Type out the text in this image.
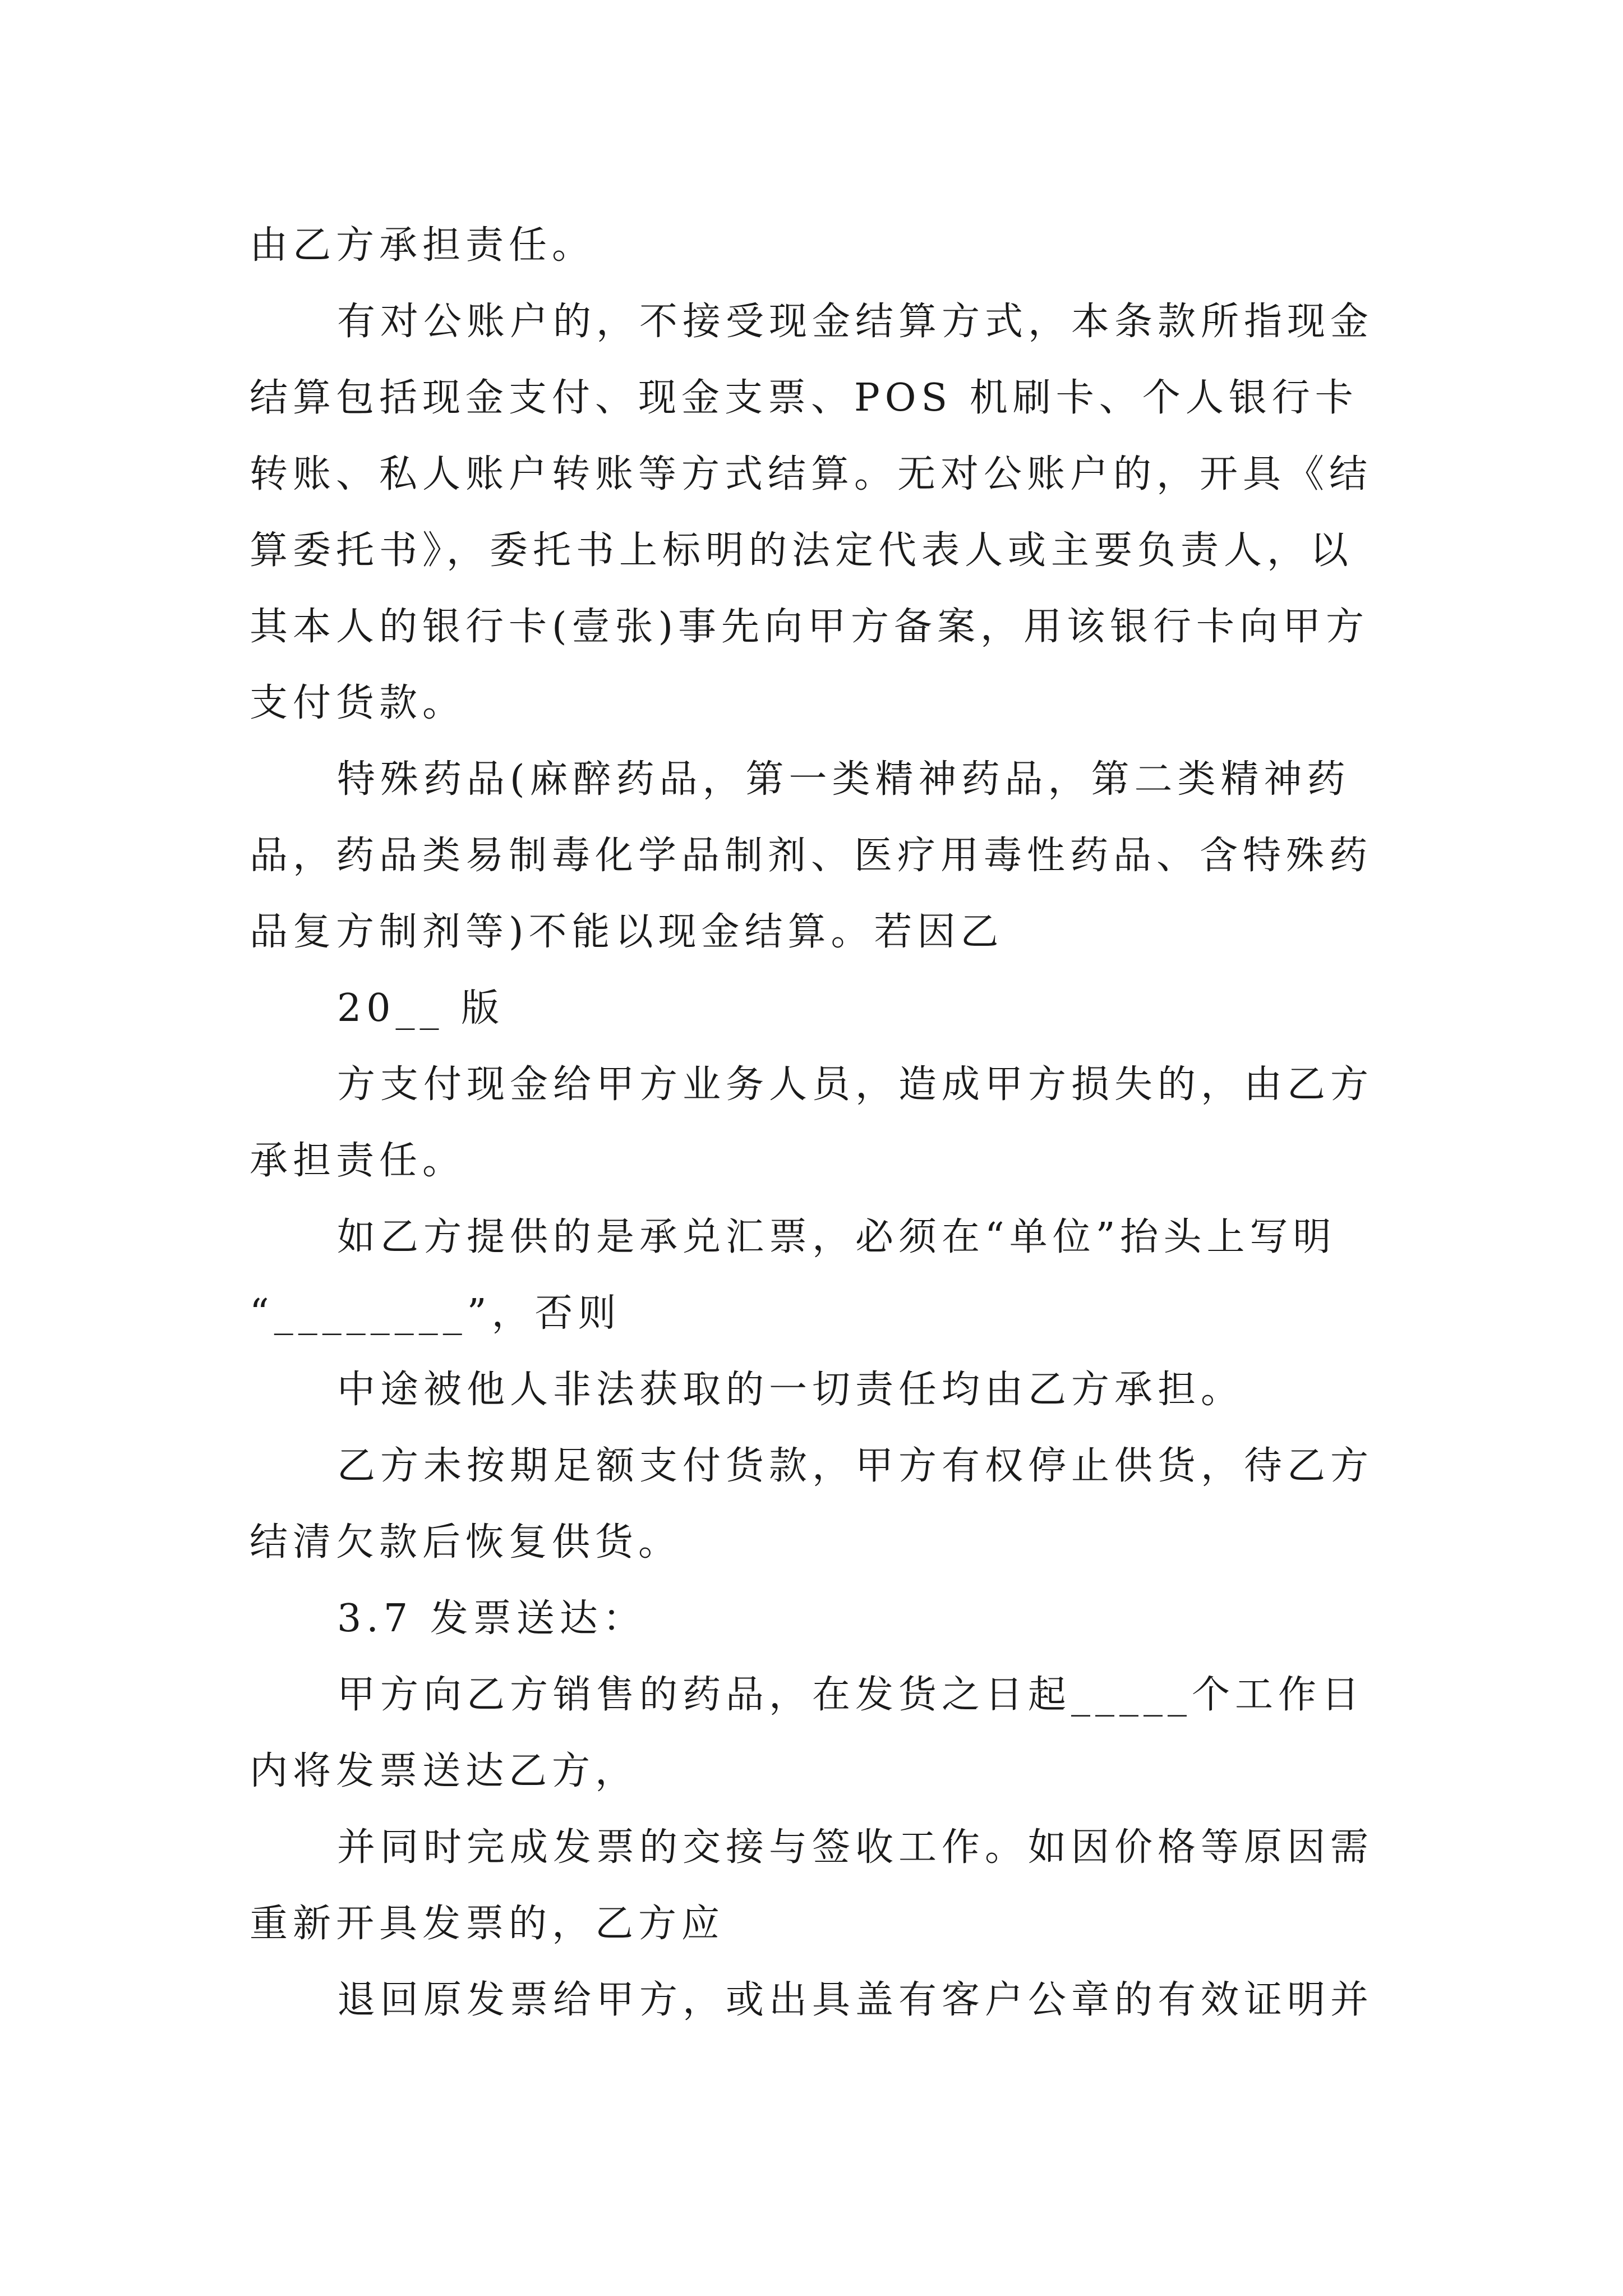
由乙方承担责任。

有对公账户的，不接受现金结算方式，本条款所指现金结算包括现金支付、现金支票、POS 机刷卡、个人银行卡转账、私人账户转账等方式结算。无对公账户的，开具《结算委托书》，委托书上标明的法定代表人或主要负责人，以其本人的银行卡(壹张)事先向甲方备案，用该银行卡向甲方支付货款。

特殊药品(麻醉药品，第一类精神药品，第二类精神药品，药品类易制毒化学品制剂、医疗用毒性药品、含特殊药品复方制剂等)不能以现金结算。若因乙

20__ 版

方支付现金给甲方业务人员，造成甲方损失的，由乙方承担责任。

如乙方提供的是承兑汇票，必须在“单位”抬头上写明

“________”，否则

中途被他人非法获取的一切责任均由乙方承担。

乙方未按期足额支付货款，甲方有权停止供货，待乙方结清欠款后恢复供货。

3.7 发票送达：

甲方向乙方销售的药品，在发货之日起_____个工作日内将发票送达乙方，

并同时完成发票的交接与签收工作。如因价格等原因需重新开具发票的，乙方应

退回原发票给甲方，或出具盖有客户公章的有效证明并
